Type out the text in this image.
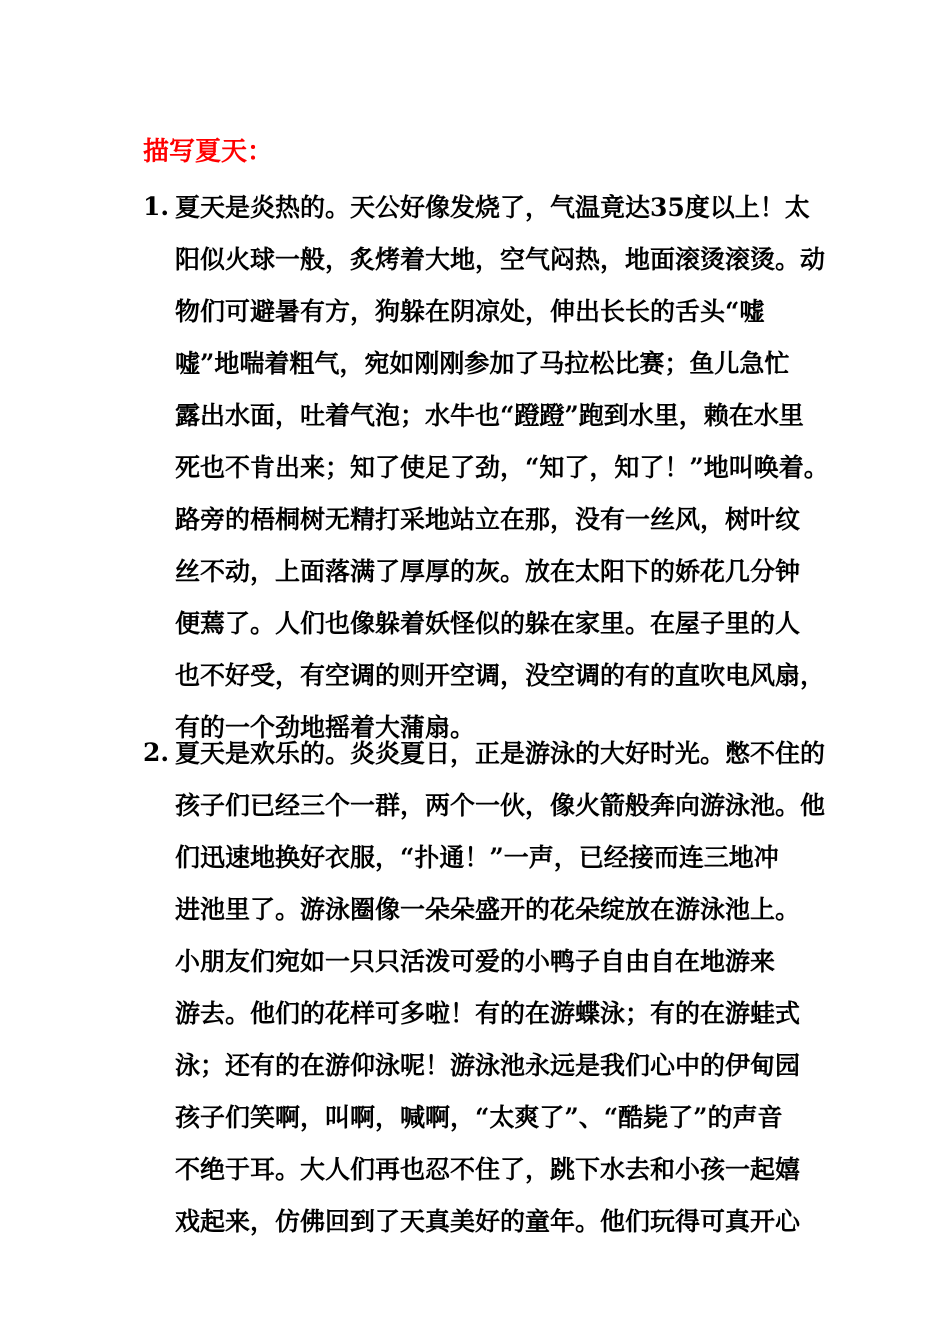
描写夏天：
1. 夏天是炎热的。天公好像发烧了，气温竟达35度以上！太
阳似火球一般，炙烤着大地，空气闷热，地面滚烫滚烫。动
物们可避暑有方，狗躲在阴凉处，伸出长长的舌头“嘘
嘘”地喘着粗气，宛如刚刚参加了马拉松比赛；鱼儿急忙
露出水面，吐着气泡；水牛也“蹬蹬”跑到水里，赖在水里
死也不肯出来；知了使足了劲，“知了，知了！”地叫唤着。
路旁的梧桐树无精打采地站立在那，没有一丝风，树叶纹
丝不动，上面落满了厚厚的灰。放在太阳下的娇花几分钟
便蔫了。人们也像躲着妖怪似的躲在家里。在屋子里的人
也不好受，有空调的则开空调，没空调的有的直吹电风扇，
有的一个劲地摇着大蒲扇。
2. 夏天是欢乐的。炎炎夏日，正是游泳的大好时光。憋不住的
孩子们已经三个一群，两个一伙，像火箭般奔向游泳池。他
们迅速地换好衣服，“扑通！”一声，已经接而连三地冲
进池里了。游泳圈像一朵朵盛开的花朵绽放在游泳池上。
小朋友们宛如一只只活泼可爱的小鸭子自由自在地游来
游去。他们的花样可多啦！有的在游蝶泳；有的在游蛙式
泳；还有的在游仰泳呢！游泳池永远是我们心中的伊甸园
孩子们笑啊，叫啊，喊啊，“太爽了”、“酷毙了”的声音
不绝于耳。大人们再也忍不住了，跳下水去和小孩一起嬉
戏起来，仿佛回到了天真美好的童年。他们玩得可真开心
